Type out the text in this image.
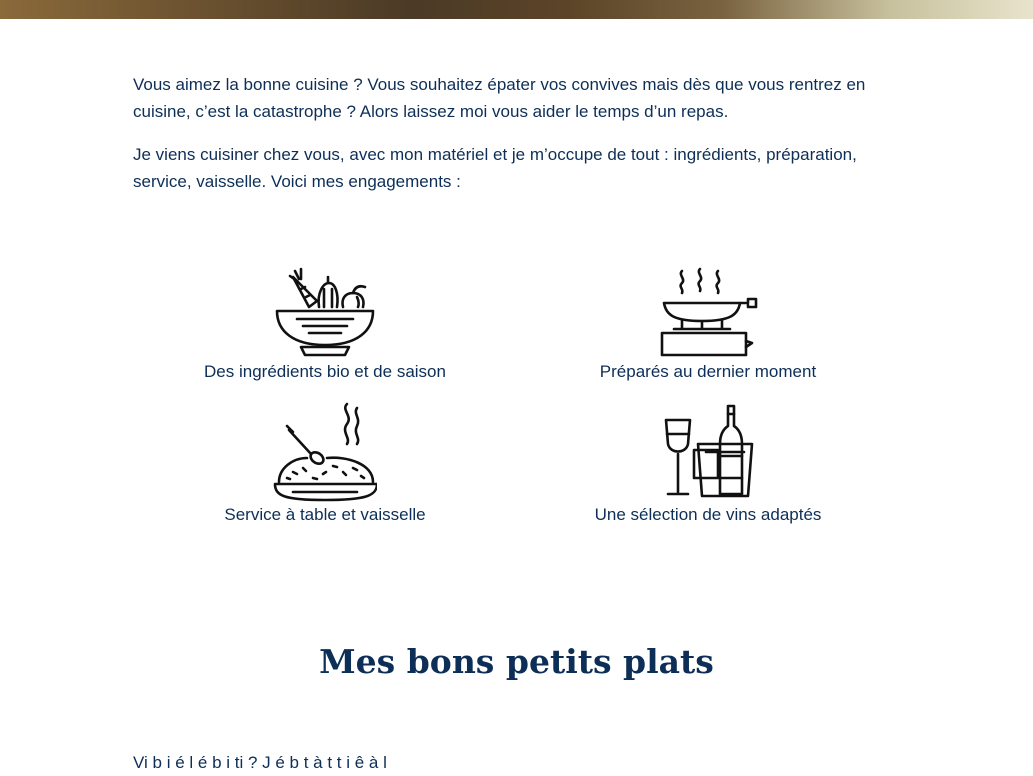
Vous aimez la bonne cuisine ? Vous souhaitez épater vos convives mais dès que vous rentrez en cuisine, c’est la catastrophe ? Alors laissez moi vous aider le temps d’un repas.

Je viens cuisiner chez vous, avec mon matériel et je m’occupe de tout : ingrédients, préparation, service, vaisselle. Voici mes engagements :

Des ingrédients bio et de saison	Préparés au dernier moment
Service à table et vaisselle	Une sélection de vins adaptés
Mes bons petits plats
Vi b i é l é b i ti ? J é b t à t t i ê à l
